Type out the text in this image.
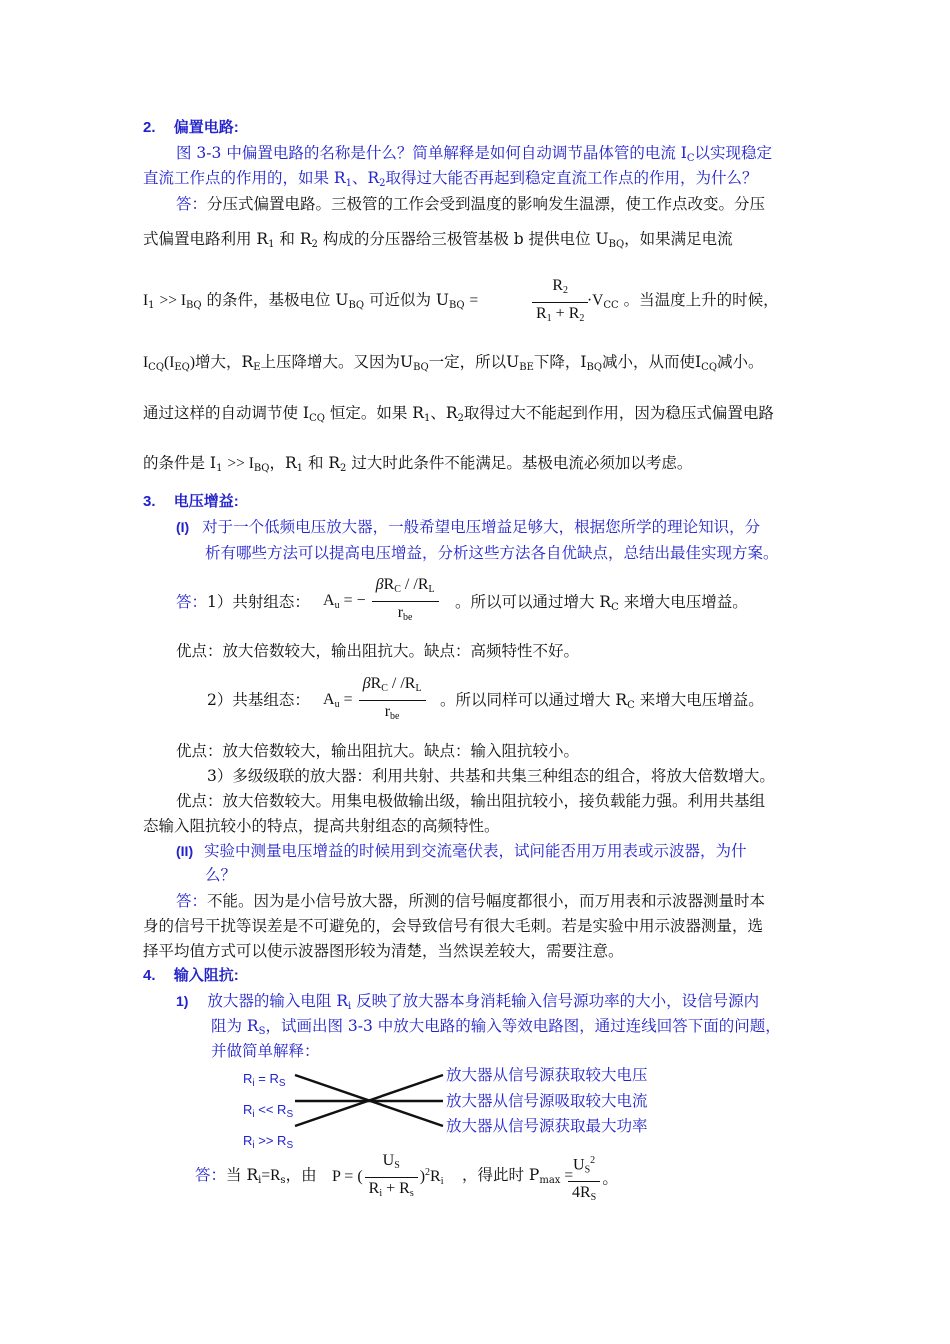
2. 偏置电路:
图 3-3 中偏置电路的名称是什么？简单解释是如何自动调节晶体管的电流 $I_C$以实现稳定
直流工作点的作用的，如果 $R_1$、$R_2$取得过大能否再起到稳定直流工作点的作用，为什么？
答：分压式偏置电路。三极管的工作会受到温度的影响发生温漂，使工作点改变。分压
式偏置电路利用 $R_1$ 和 $R_2$ 构成的分压器给三极管基极 b 提供电位 $U_{BQ}$，如果满足电流
$I_1 >> I_{BQ}$ 的条件，基极电位 $U_{BQ}$ 可近似为 $U_{BQ}$ =	$\frac{R_2}{R_1 + R_2}$
$\cdot V_{CC}$ 。当温度上升的时候，
$I_{CQ}(I_{EQ})$增大，$R_E$上压降增大。又因为$U_{BQ}$一定，所以$U_{BE}$下降，$I_{BQ}$减小，从而使$I_{CQ}$减小。
通过这样的自动调节使 $I_{CQ}$ 恒定。如果 $R_1$、$R_2$取得过大不能起到作用，因为稳压式偏置电路
的条件是 $I_1 >> I_{BQ}$，$R_1$ 和 $R_2$ 过大时此条件不能满足。基极电流必须加以考虑。
3. 电压增益:
(I) 对于一个低频电压放大器，一般希望电压增益足够大，根据您所学的理论知识，分
析有哪些方法可以提高电压增益，分析这些方法各自优缺点，总结出最佳实现方案。
答：1）共射组态： $A_u$ = − $\frac{\beta R_C / /R_L}{r_{be}}$ 。所以可以通过增大 $R_C$ 来增大电压增益。
优点：放大倍数较大，输出阻抗大。缺点：高频特性不好。
2）共基组态： $A_u = \frac{\beta R_C / /R_L}{r_{be}}$ 。所以同样可以通过增大 $R_C$ 来增大电压增益。
优点：放大倍数较大，输出阻抗大。缺点：输入阻抗较小。
3）多级级联的放大器：利用共射、共基和共集三种组态的组合，将放大倍数增大。
优点：放大倍数较大。用集电极做输出级，输出阻抗较小，接负载能力强。利用共基组
态输入阻抗较小的特点，提高共射组态的高频特性。
(II) 实验中测量电压增益的时候用到交流毫伏表，试问能否用万用表或示波器，为什
么？
答：不能。因为是小信号放大器，所测的信号幅度都很小，而万用表和示波器测量时本
身的信号干扰等误差是不可避免的，会导致信号有很大毛刺。若是实验中用示波器测量，选
择平均值方式可以使示波器图形较为清楚，当然误差较大，需要注意。
4. 输入阻抗:
1) 放大器的输入电阻 $R_i$ 反映了放大器本身消耗输入信号源功率的大小，设信号源内
阻为 $R_S$，试画出图 3-3 中放大电路的输入等效电路图，通过连线回答下面的问题，
并做简单解释：
$R_i = R_S$
$R_i << R_S$
$R_i >> R_S$
放大器从信号源获取较大电压
放大器从信号源吸取较大电流
放大器从信号源获取最大功率
答：当 $R_i=R_s$，由 P = ( $\frac{U_S}{R_i + R_s} )^2R_i$ ，得此时 $P_{max}$ =
$\frac{U_S^2}{4R_S}$ 。
